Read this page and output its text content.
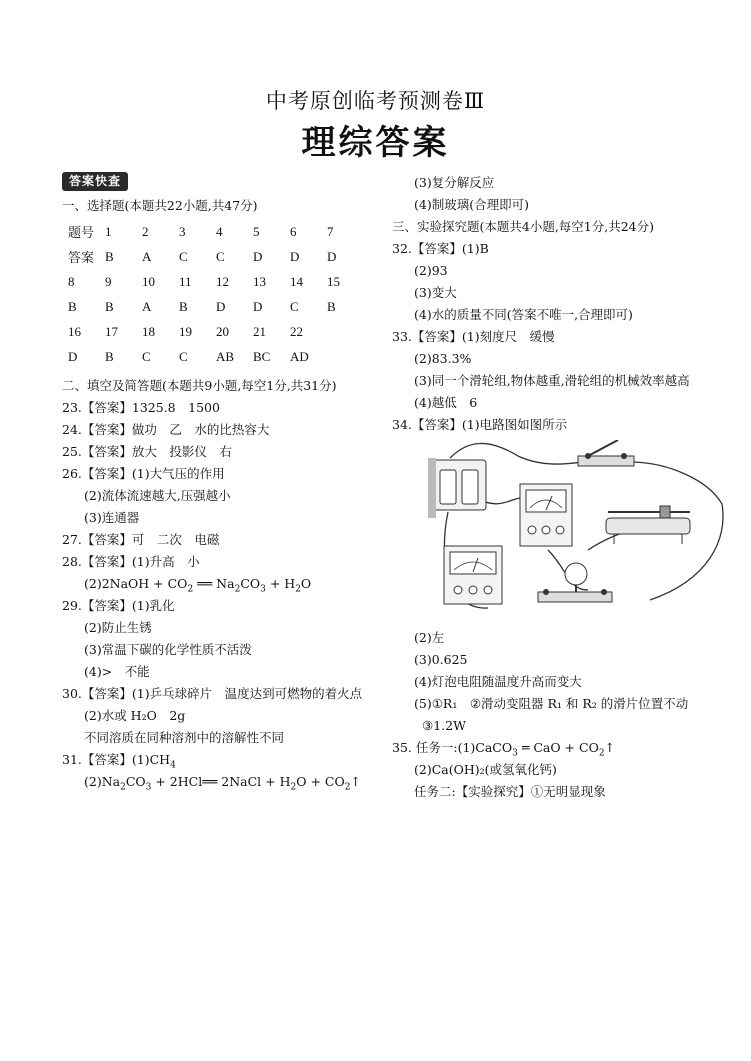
中考原创临考预测卷Ⅲ
理综答案
答案快查
一、选择题(本题共22小题,共47分)
题号	1	2	3	4	5	6	7
答案	B	A	C	C	D	D	D
8	9	10	11	12	13	14	15
B	B	A	B	D	D	C	B
16	17	18	19	20	21	22	
D	B	C	C	AB	BC	AD	
二、填空及简答题(本题共9小题,每空1分,共31分)
23.【答案】1325.8　1500
24.【答案】做功　乙　水的比热容大
25.【答案】放大　投影仪　右
26.【答案】(1)大气压的作用
(2)流体流速越大,压强越小
(3)连通器
27.【答案】可　二次　电磁
28.【答案】(1)升高　小
(2)2NaOH + $CO_2$ ══ $Na_2CO_3 + H_2O$
29.【答案】(1)乳化
(2)防止生锈
(3)常温下碳的化学性质不活泼
(4)>　不能
30.【答案】(1)乒乓球碎片　温度达到可燃物的着火点
(2)水或 H₂O　2g
不同溶质在同种溶剂中的溶解性不同
31.【答案】$(1)CH_4$
$(2)Na_2CO_3$ + 2HCl══ 2NaCl + $H_2O$ + $CO_2↑$
(3)复分解反应
(4)制玻璃(合理即可)
三、实验探究题(本题共4小题,每空1分,共24分)
32.【答案】(1)B
(2)93
(3)变大
(4)水的质量不同(答案不唯一,合理即可)
33.【答案】(1)刻度尺　缓慢
(2)83.3%
(3)同一个滑轮组,物体越重,滑轮组的机械效率越高
(4)越低　6
34.【答案】(1)电路图如图所示
(2)左
(3)0.625
(4)灯泡电阻随温度升高而变大
(5)①R₁　②滑动变阻器 R₁ 和 R₂ 的滑片位置不动
③1.2W
35. 任务一:(1)CaCO$_3$ ═ CaO + $CO_2↑$
(2)Ca(OH)₂(或氢氧化钙)
任务二:【实验探究】①无明显现象
